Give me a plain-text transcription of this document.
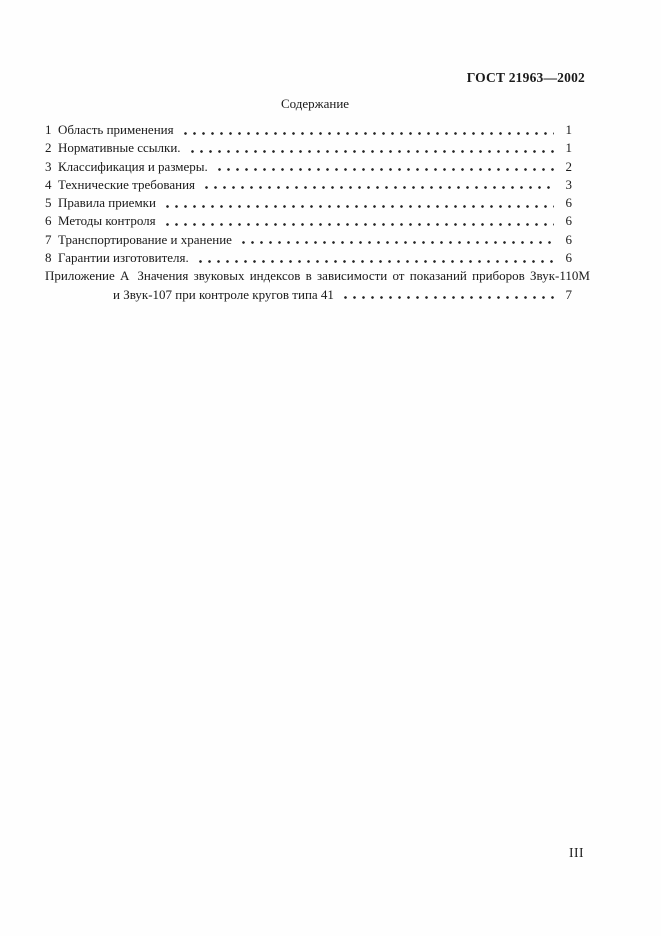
ГОСТ 21963—2002
Содержание
1 Область применения	1
2 Нормативные ссылки.	1
3 Классификация и размеры.	2
4 Технические требования	3
5 Правила приемки	6
6 Методы контроля	6
7 Транспортирование и хранение	6
8 Гарантии изготовителя.	6
Приложение А Значения звуковых индексов в зависимости от показаний приборов Звук-110М
и Звук-107 при контроле кругов типа 41	7
III
